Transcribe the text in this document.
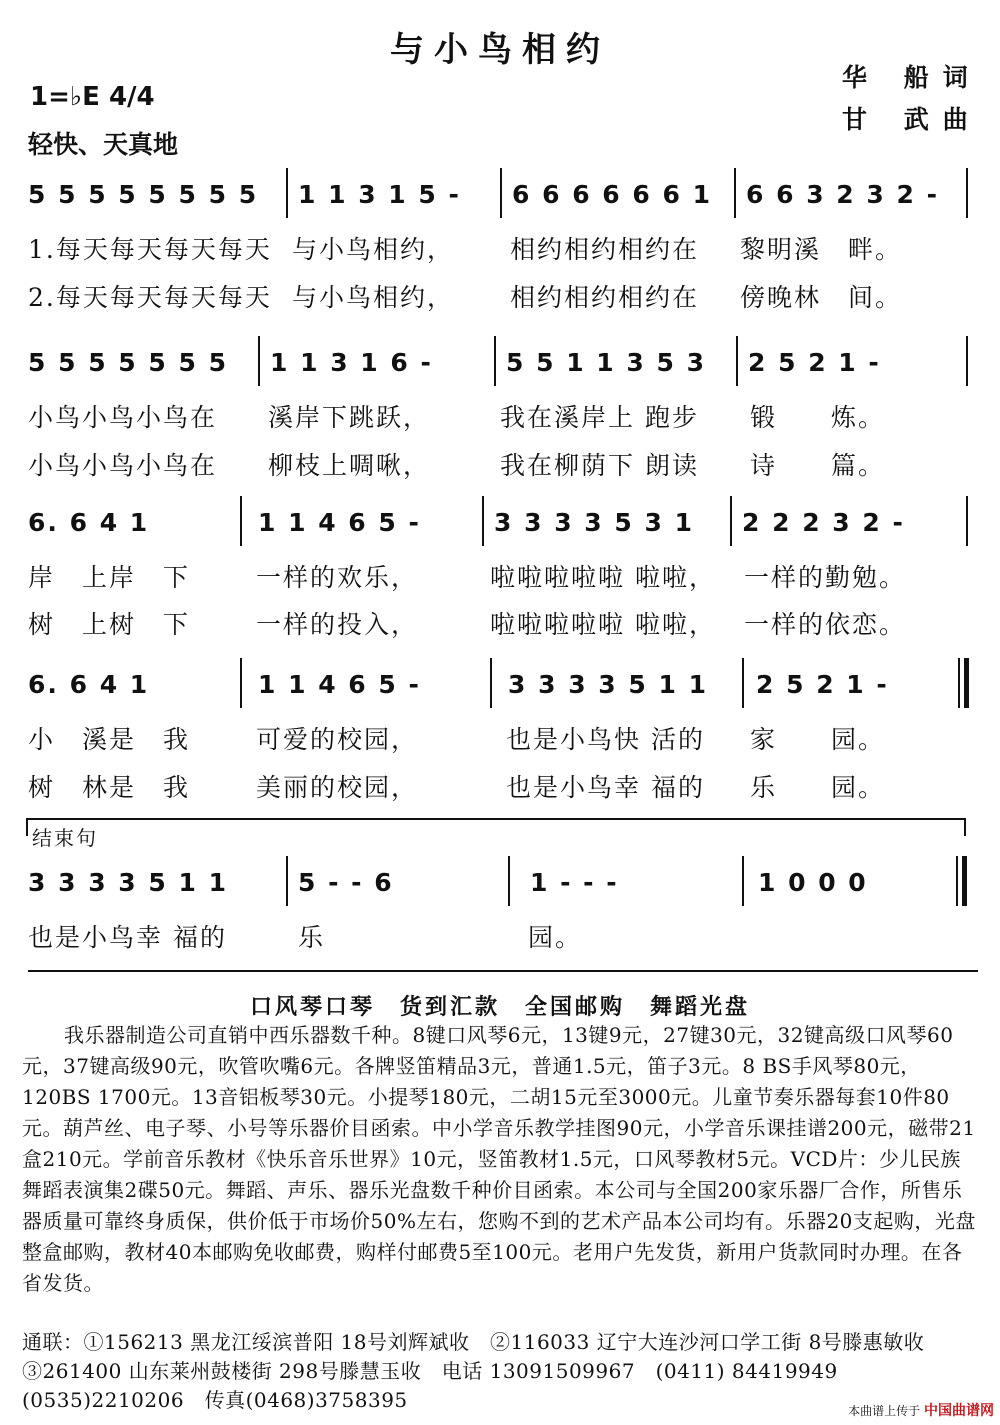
与小鸟相约
1=♭E 4/4
轻快、天真地
华 船词
甘 武曲
5 5 5 5 5 5 5 5 1 1 3 1 5 - 6 6 6 6 6 6 1 6 6 3 2 3 2 -
1.每天每天每天每天 与小鸟相约， 相约相约相约在 黎明溪　畔。
2.每天每天每天每天 与小鸟相约， 相约相约相约在 傍晚林　间。
5 5 5 5 5 5 5 1 1 3 1 6 -	5 5 1 1 3 5 3 2 5 2 1 -
小鸟小鸟小鸟在 溪岸下跳跃，	我在溪岸上 跑步 锻　　炼。
小鸟小鸟小鸟在 柳枝上啁啾，	我在柳荫下 朗读 诗　　篇。
6. 6 4 1	1 1 4 6 5 -	3 3 3 3 5 3 1 2 2 2 3 2 -
岸　上岸　下	一样的欢乐，	啦啦啦啦啦 啦啦， 一样的勤勉。
树　上树　下	一样的投入，	啦啦啦啦啦 啦啦， 一样的依恋。
6. 6 4 1	1 1 4 6 5 -	3 3 3 3 5 1 1 2 5 2 1 -
小　溪是　我	可爱的校园，	也是小鸟快 活的 家　　园。
树　林是　我	美丽的校园，	也是小鸟幸 福的 乐　　园。
结束句
3 3 3 3 5 1 1	5 - - 6	1 - - -	1 0 0 0
也是小鸟幸 福的	乐	园。
口风琴口琴　货到汇款　全国邮购　舞蹈光盘
我乐器制造公司直销中西乐器数千种。8键口风琴6元，13键9元，27键30元，32键高级口风琴60元，37键高级90元，吹管吹嘴6元。各牌竖笛精品3元，普通1.5元，笛子3元。8 BS手风琴80元，120BS 1700元。13音铝板琴30元。小提琴180元，二胡15元至3000元。儿童节奏乐器每套10件80元。葫芦丝、电子琴、小号等乐器价目函索。中小学音乐教学挂图90元，小学音乐课挂谱200元，磁带21盒210元。学前音乐教材《快乐音乐世界》10元，竖笛教材1.5元，口风琴教材5元。VCD片：少儿民族舞蹈表演集2碟50元。舞蹈、声乐、器乐光盘数千种价目函索。本公司与全国200家乐器厂合作，所售乐器质量可靠终身质保，供价低于市场价50%左右，您购不到的艺术产品本公司均有。乐器20支起购，光盘整盒邮购，教材40本邮购免收邮费，购样付邮费5至100元。老用户先发货，新用户货款同时办理。在各省发货。
通联：①156213 黑龙江绥滨普阳 18号刘辉斌收　②116033 辽宁大连沙河口学工街 8号滕惠敏收　③261400 山东莱州鼓楼街 298号滕慧玉收　电话 13091509967　(0411) 84419949　(0535)2210206　传真(0468)3758395	本曲谱上传于 中国曲谱网
